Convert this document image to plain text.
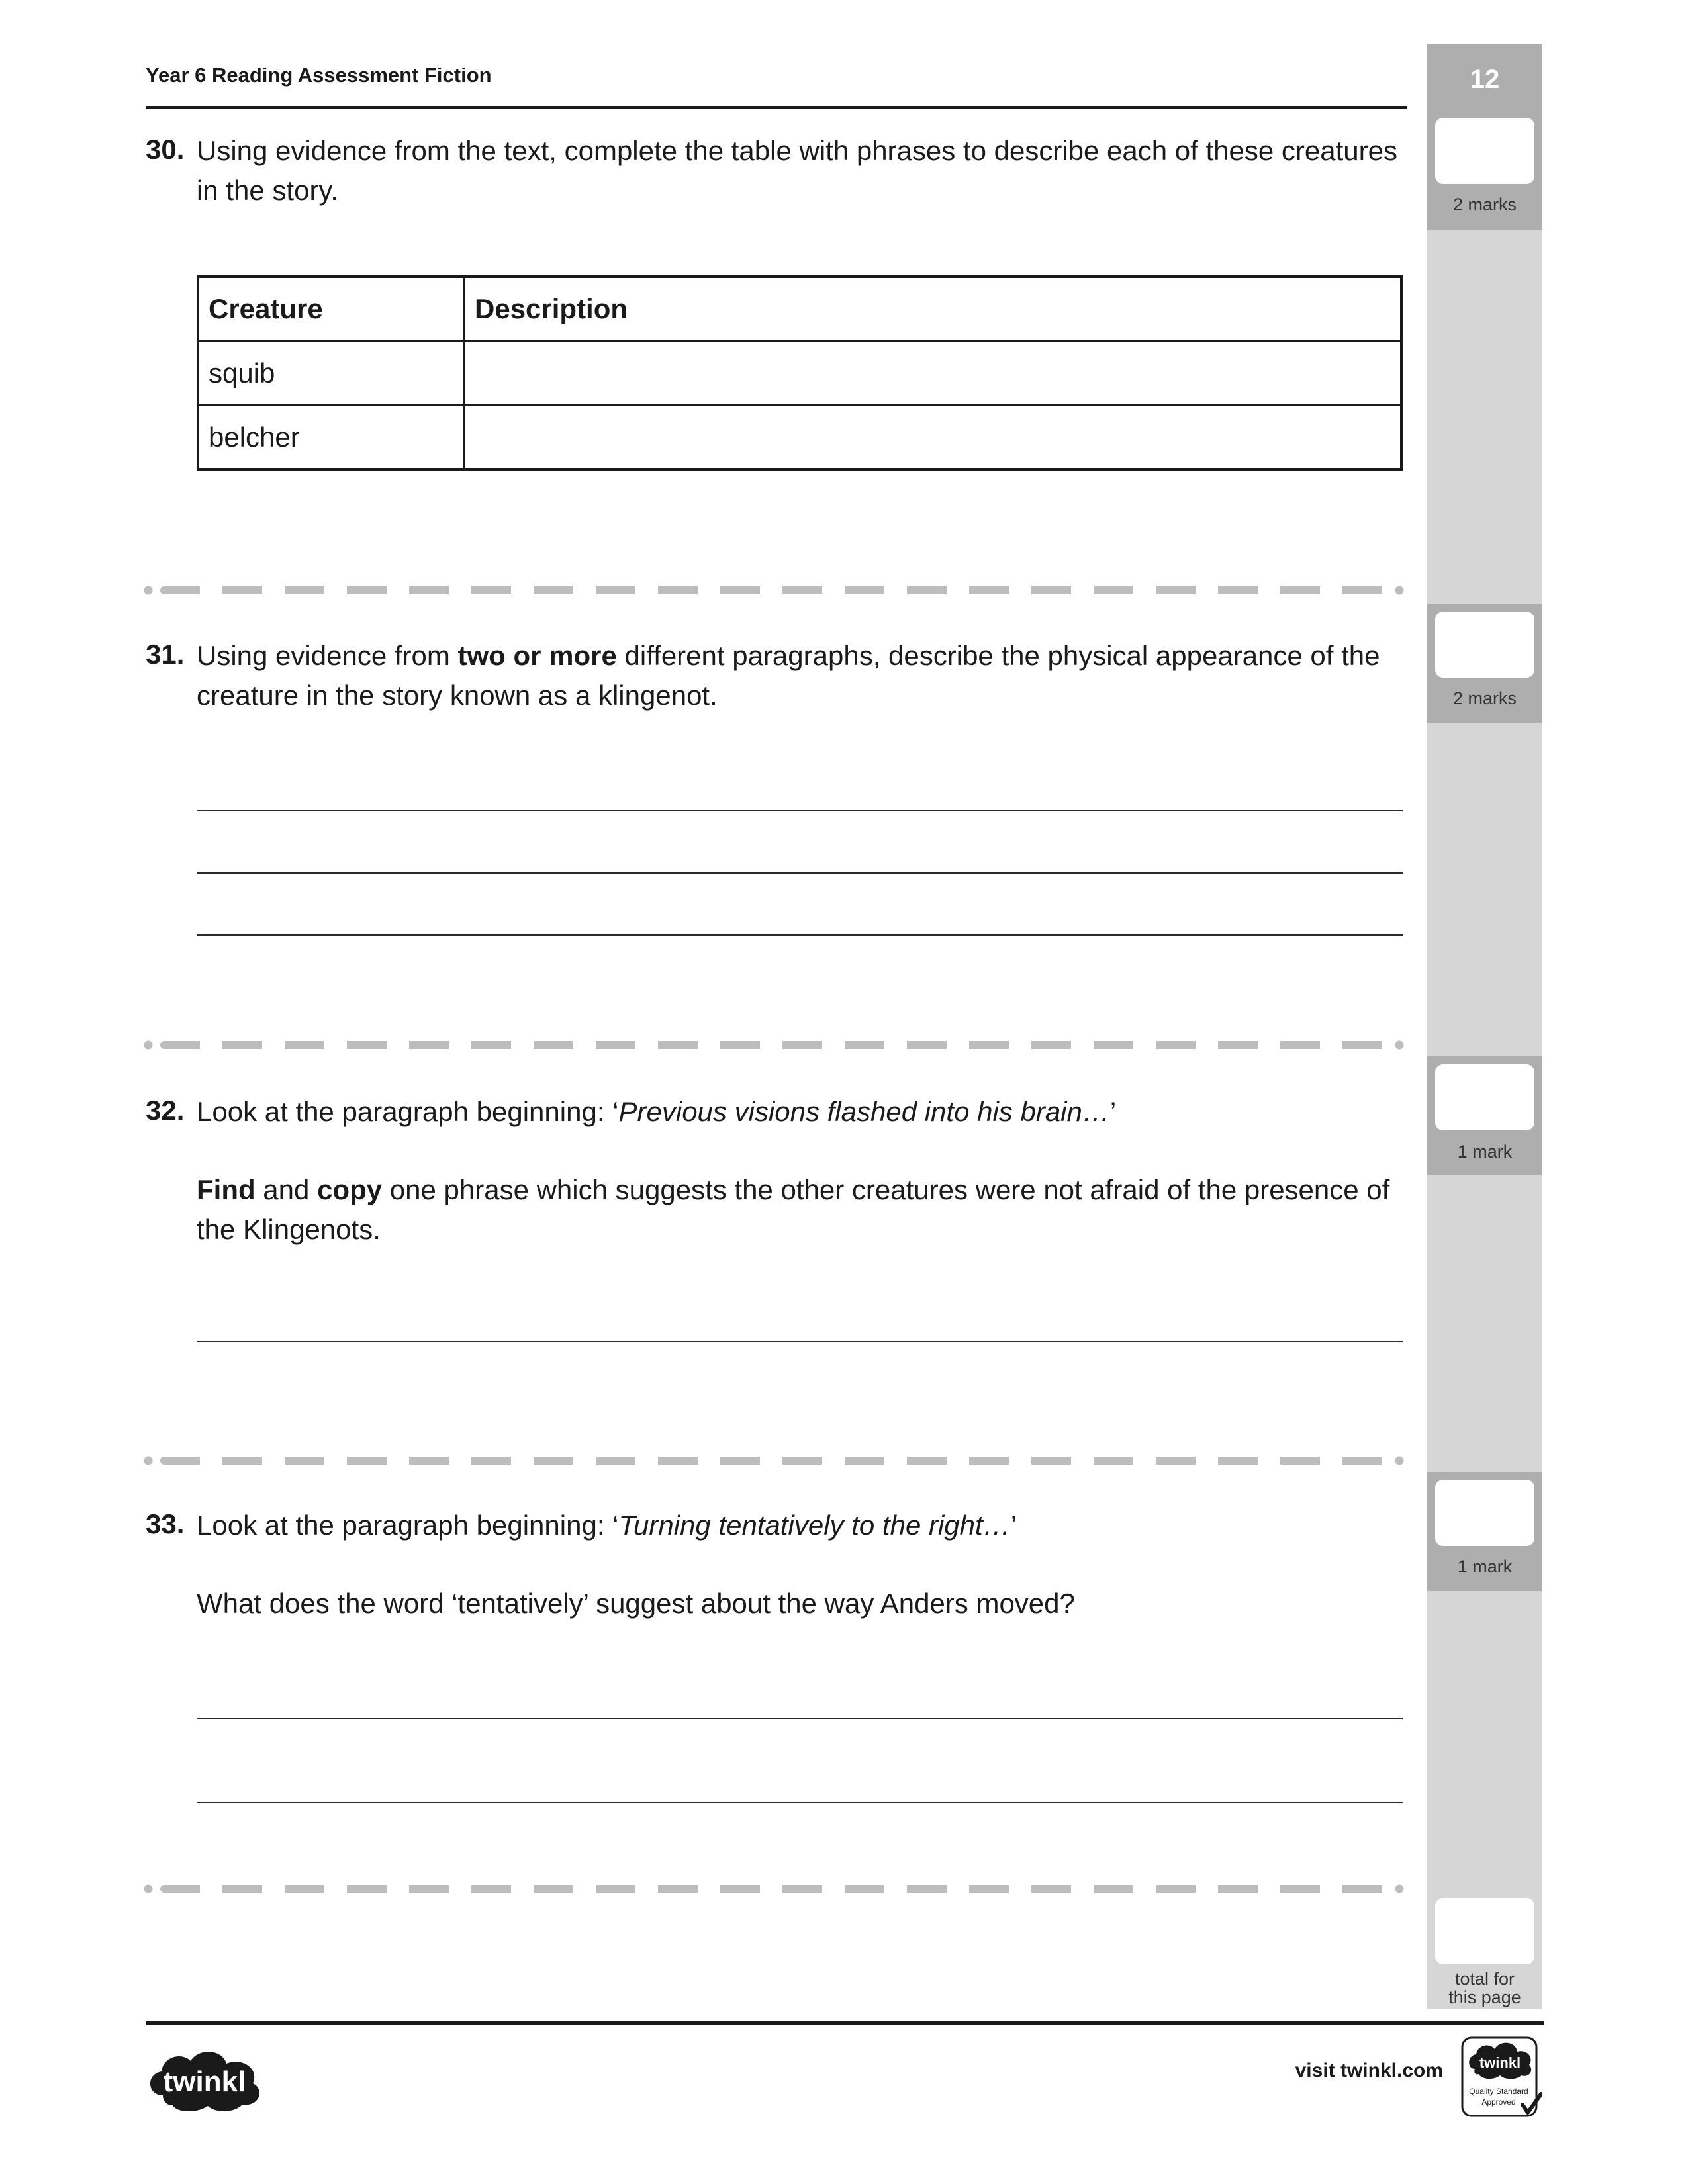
Year 6 Reading Assessment Fiction	12
2 marks
2 marks
1 mark
1 mark
total for
this page
30. Using evidence from the text, complete the table with phrases to describe each of these creatures in the story.
Creature	Description
squib	
belcher	
31. Using evidence from two or more different paragraphs, describe the physical appearance of the creature in the story known as a klingenot.
32. Look at the paragraph beginning: ‘Previous visions flashed into his brain…’
Find and copy one phrase which suggests the other creatures were not afraid of the presence of the Klingenots.
33. Look at the paragraph beginning: ‘Turning tentatively to the right…’
What does the word ‘tentatively’ suggest about the way Anders moved?
twinkl	visit twinkl.com twinkl
Quality Standard
Approved
